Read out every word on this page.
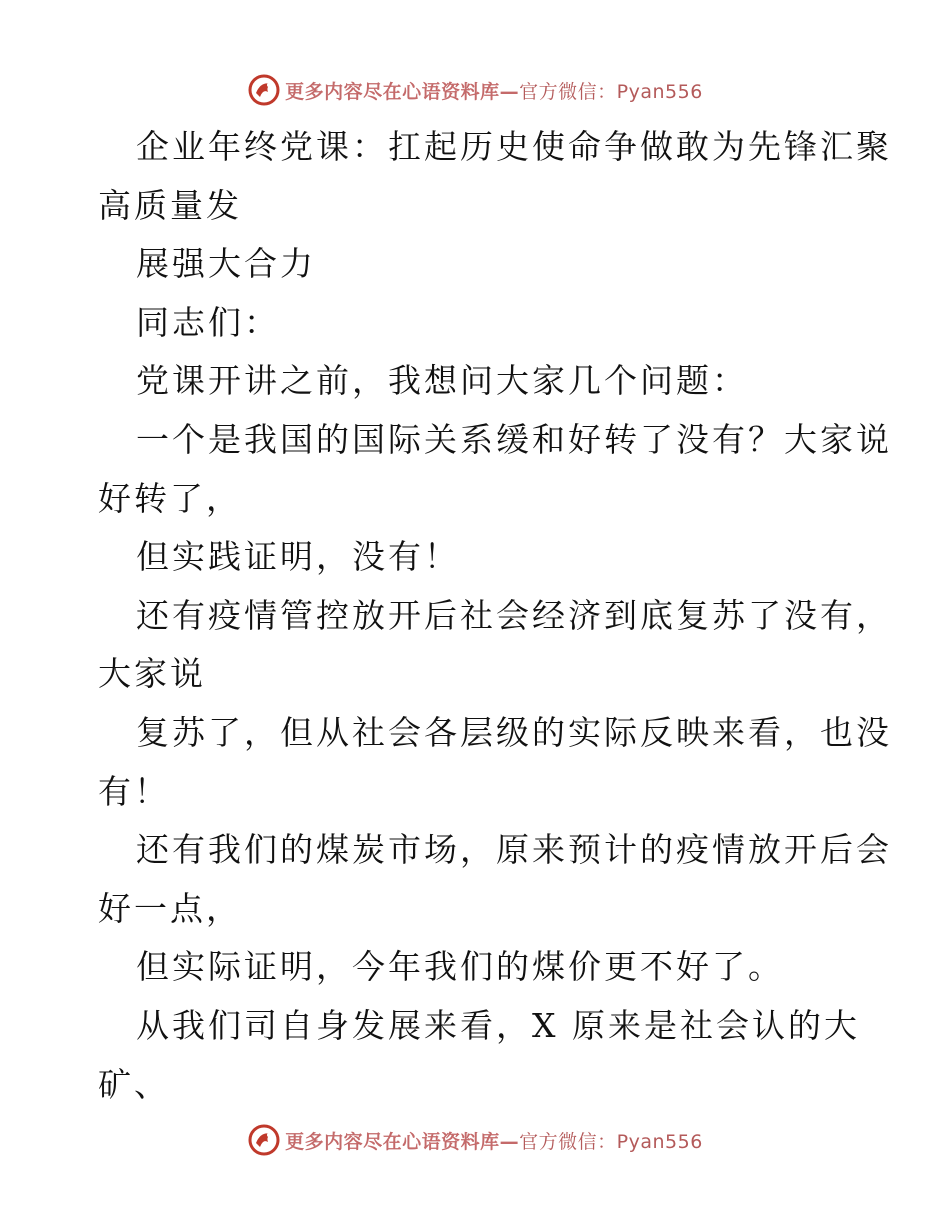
更多内容尽在心语资料库—官方微信：Pyan556

企业年终党课：扛起历史使命争做敢为先锋汇聚

高质量发

展强大合力

同志们：

党课开讲之前，我想问大家几个问题：

一个是我国的国际关系缓和好转了没有？大家说

好转了，

但实践证明，没有！

还有疫情管控放开后社会经济到底复苏了没有，

大家说

复苏了，但从社会各层级的实际反映来看，也没

有！

还有我们的煤炭市场，原来预计的疫情放开后会

好一点，

但实际证明，今年我们的煤价更不好了。

从我们司自身发展来看，X 原来是社会认的大

矿、

更多内容尽在心语资料库—官方微信：Pyan556
